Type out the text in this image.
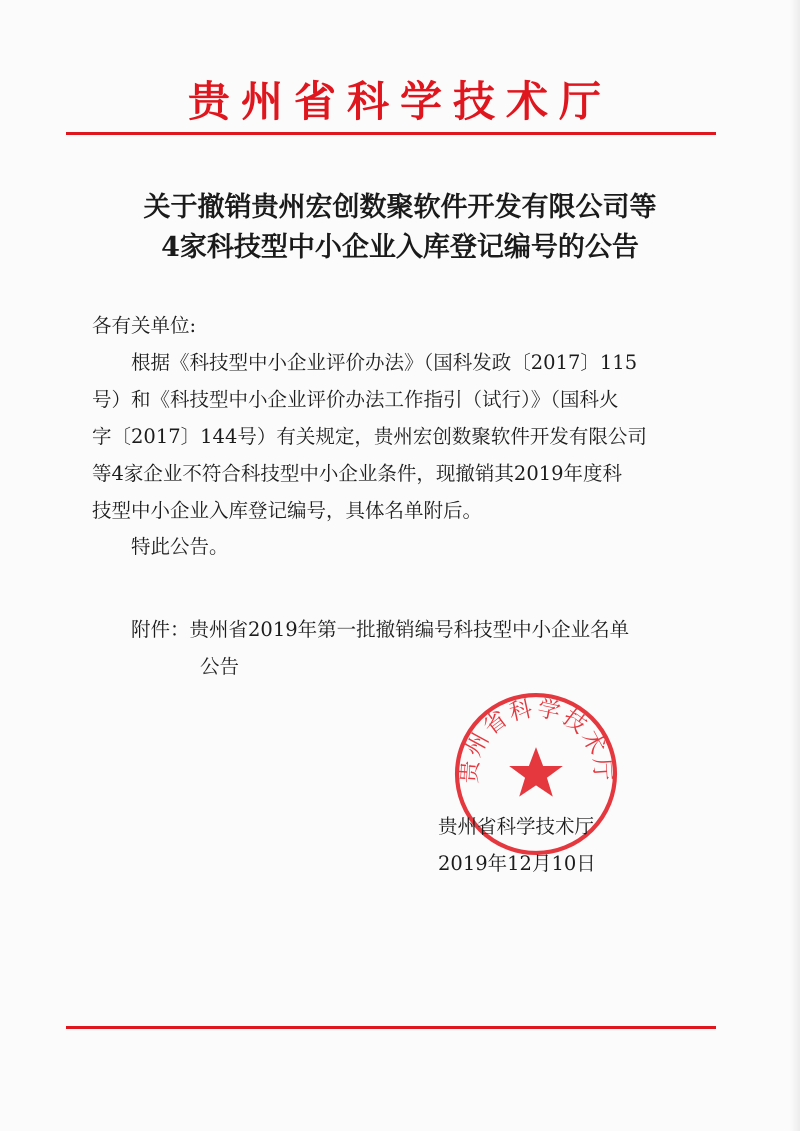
贵州省科学技术厅
关于撤销贵州宏创数聚软件开发有限公司等
4家科技型中小企业入库登记编号的公告
各有关单位:
根据《科技型中小企业评价办法》（国科发政〔2017〕115
号）和《科技型中小企业评价办法工作指引（试行）》（国科火
字〔2017〕144号）有关规定，贵州宏创数聚软件开发有限公司
等4家企业不符合科技型中小企业条件，现撤销其2019年度科
技型中小企业入库登记编号，具体名单附后。
特此公告。
附件：贵州省2019年第一批撤销编号科技型中小企业名单
公告
贵州省科学技术厅
贵州省科学技术厅
2019年12月10日
